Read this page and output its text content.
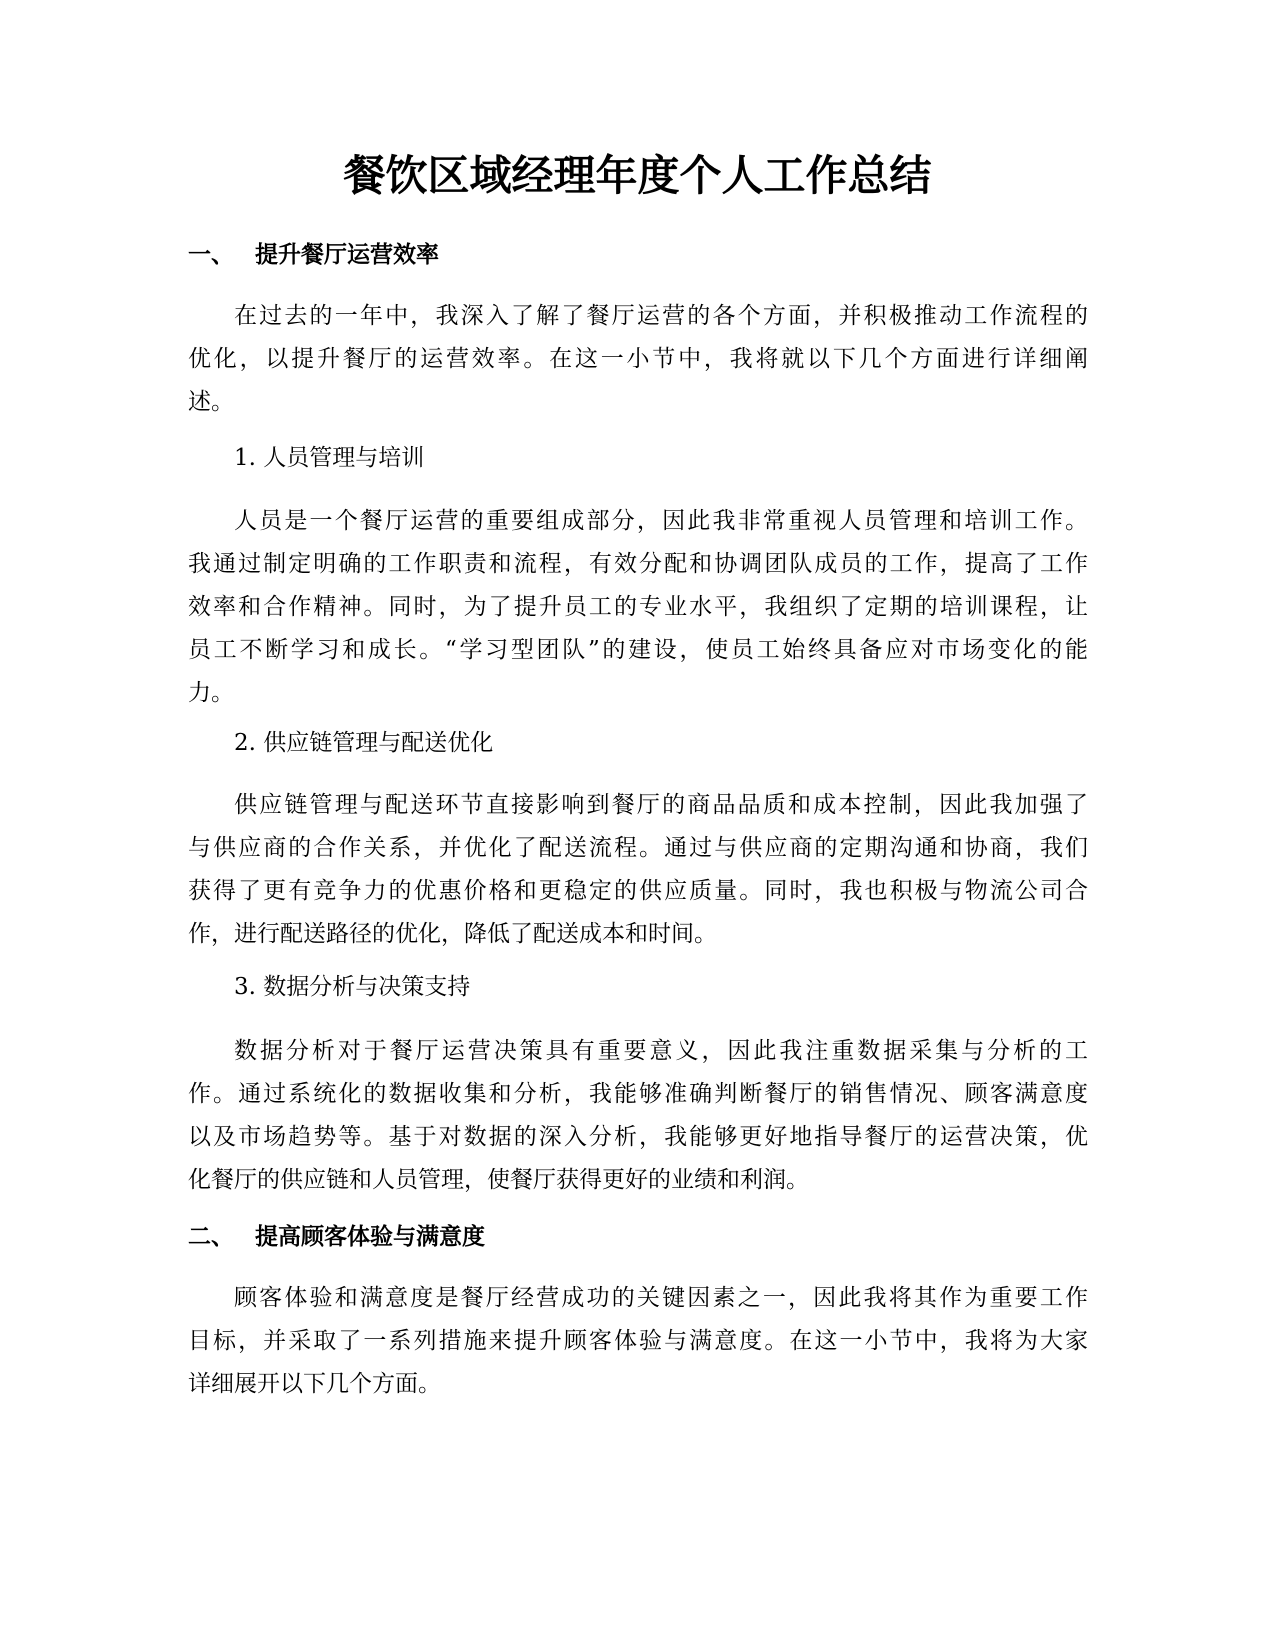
餐饮区域经理年度个人工作总结
一、 提升餐厅运营效率
在过去的一年中，我深入了解了餐厅运营的各个方面，并积极推动工作流程的
优化，以提升餐厅的运营效率。在这一小节中，我将就以下几个方面进行详细阐
述。

1. 人员管理与培训

人员是一个餐厅运营的重要组成部分，因此我非常重视人员管理和培训工作。
我通过制定明确的工作职责和流程，有效分配和协调团队成员的工作，提高了工作
效率和合作精神。同时，为了提升员工的专业水平，我组织了定期的培训课程，让
员工不断学习和成长。“学习型团队”的建设，使员工始终具备应对市场变化的能
力。

2. 供应链管理与配送优化

供应链管理与配送环节直接影响到餐厅的商品品质和成本控制，因此我加强了
与供应商的合作关系，并优化了配送流程。通过与供应商的定期沟通和协商，我们
获得了更有竞争力的优惠价格和更稳定的供应质量。同时，我也积极与物流公司合
作，进行配送路径的优化，降低了配送成本和时间。

3. 数据分析与决策支持

数据分析对于餐厅运营决策具有重要意义，因此我注重数据采集与分析的工
作。通过系统化的数据收集和分析，我能够准确判断餐厅的销售情况、顾客满意度
以及市场趋势等。基于对数据的深入分析，我能够更好地指导餐厅的运营决策，优
化餐厅的供应链和人员管理，使餐厅获得更好的业绩和利润。
二、 提高顾客体验与满意度
顾客体验和满意度是餐厅经营成功的关键因素之一，因此我将其作为重要工作
目标，并采取了一系列措施来提升顾客体验与满意度。在这一小节中，我将为大家
详细展开以下几个方面。
